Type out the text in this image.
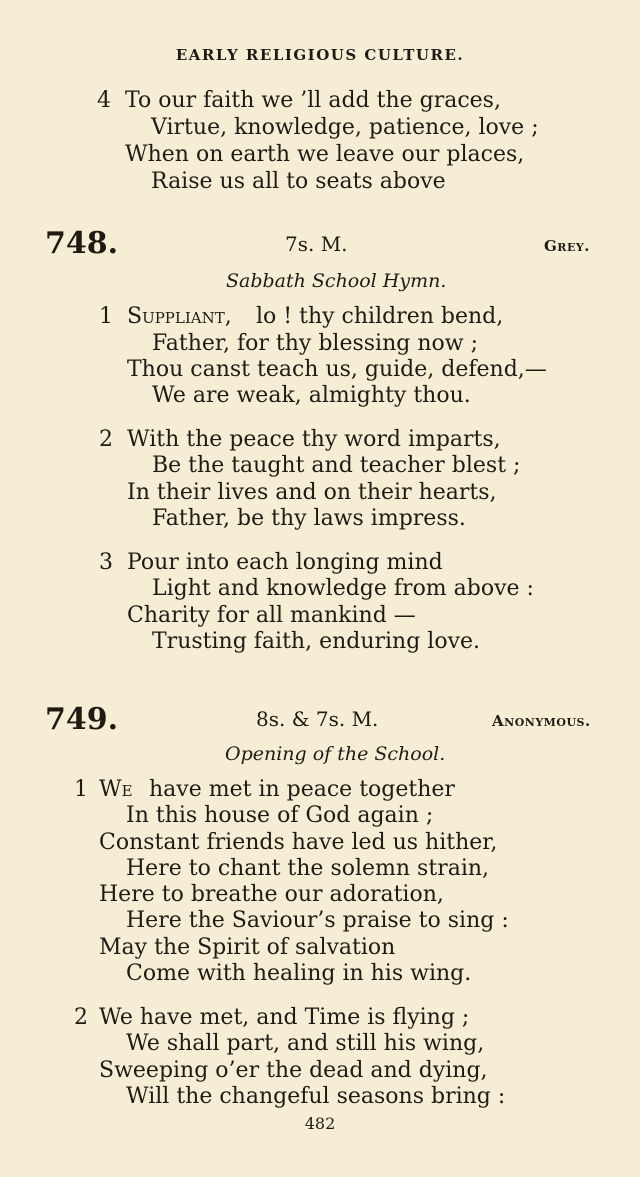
EARLY RELIGIOUS CULTURE.
4 To our faith we ’ll add the graces,
Virtue, knowledge, patience, love ;
When on earth we leave our places,
Raise us all to seats above
748.	7s. M.	Grey.
Sabbath School Hymn.
1 Suppliant, lo ! thy children bend,
Father, for thy blessing now ;
Thou canst teach us, guide, defend,—
We are weak, almighty thou.
2 With the peace thy word imparts,
Be the taught and teacher blest ;
In their lives and on their hearts,
Father, be thy laws impress.
3 Pour into each longing mind
Light and knowledge from above :
Charity for all mankind —
Trusting faith, enduring love.
749.	8s. & 7s. M.	Anonymous.
Opening of the School.
1 We have met in peace together
In this house of God again ;
Constant friends have led us hither,
Here to chant the solemn strain,
Here to breathe our adoration,
Here the Saviour’s praise to sing :
May the Spirit of salvation
Come with healing in his wing.
2 We have met, and Time is flying ;
We shall part, and still his wing,
Sweeping o’er the dead and dying,
Will the changeful seasons bring :
482
